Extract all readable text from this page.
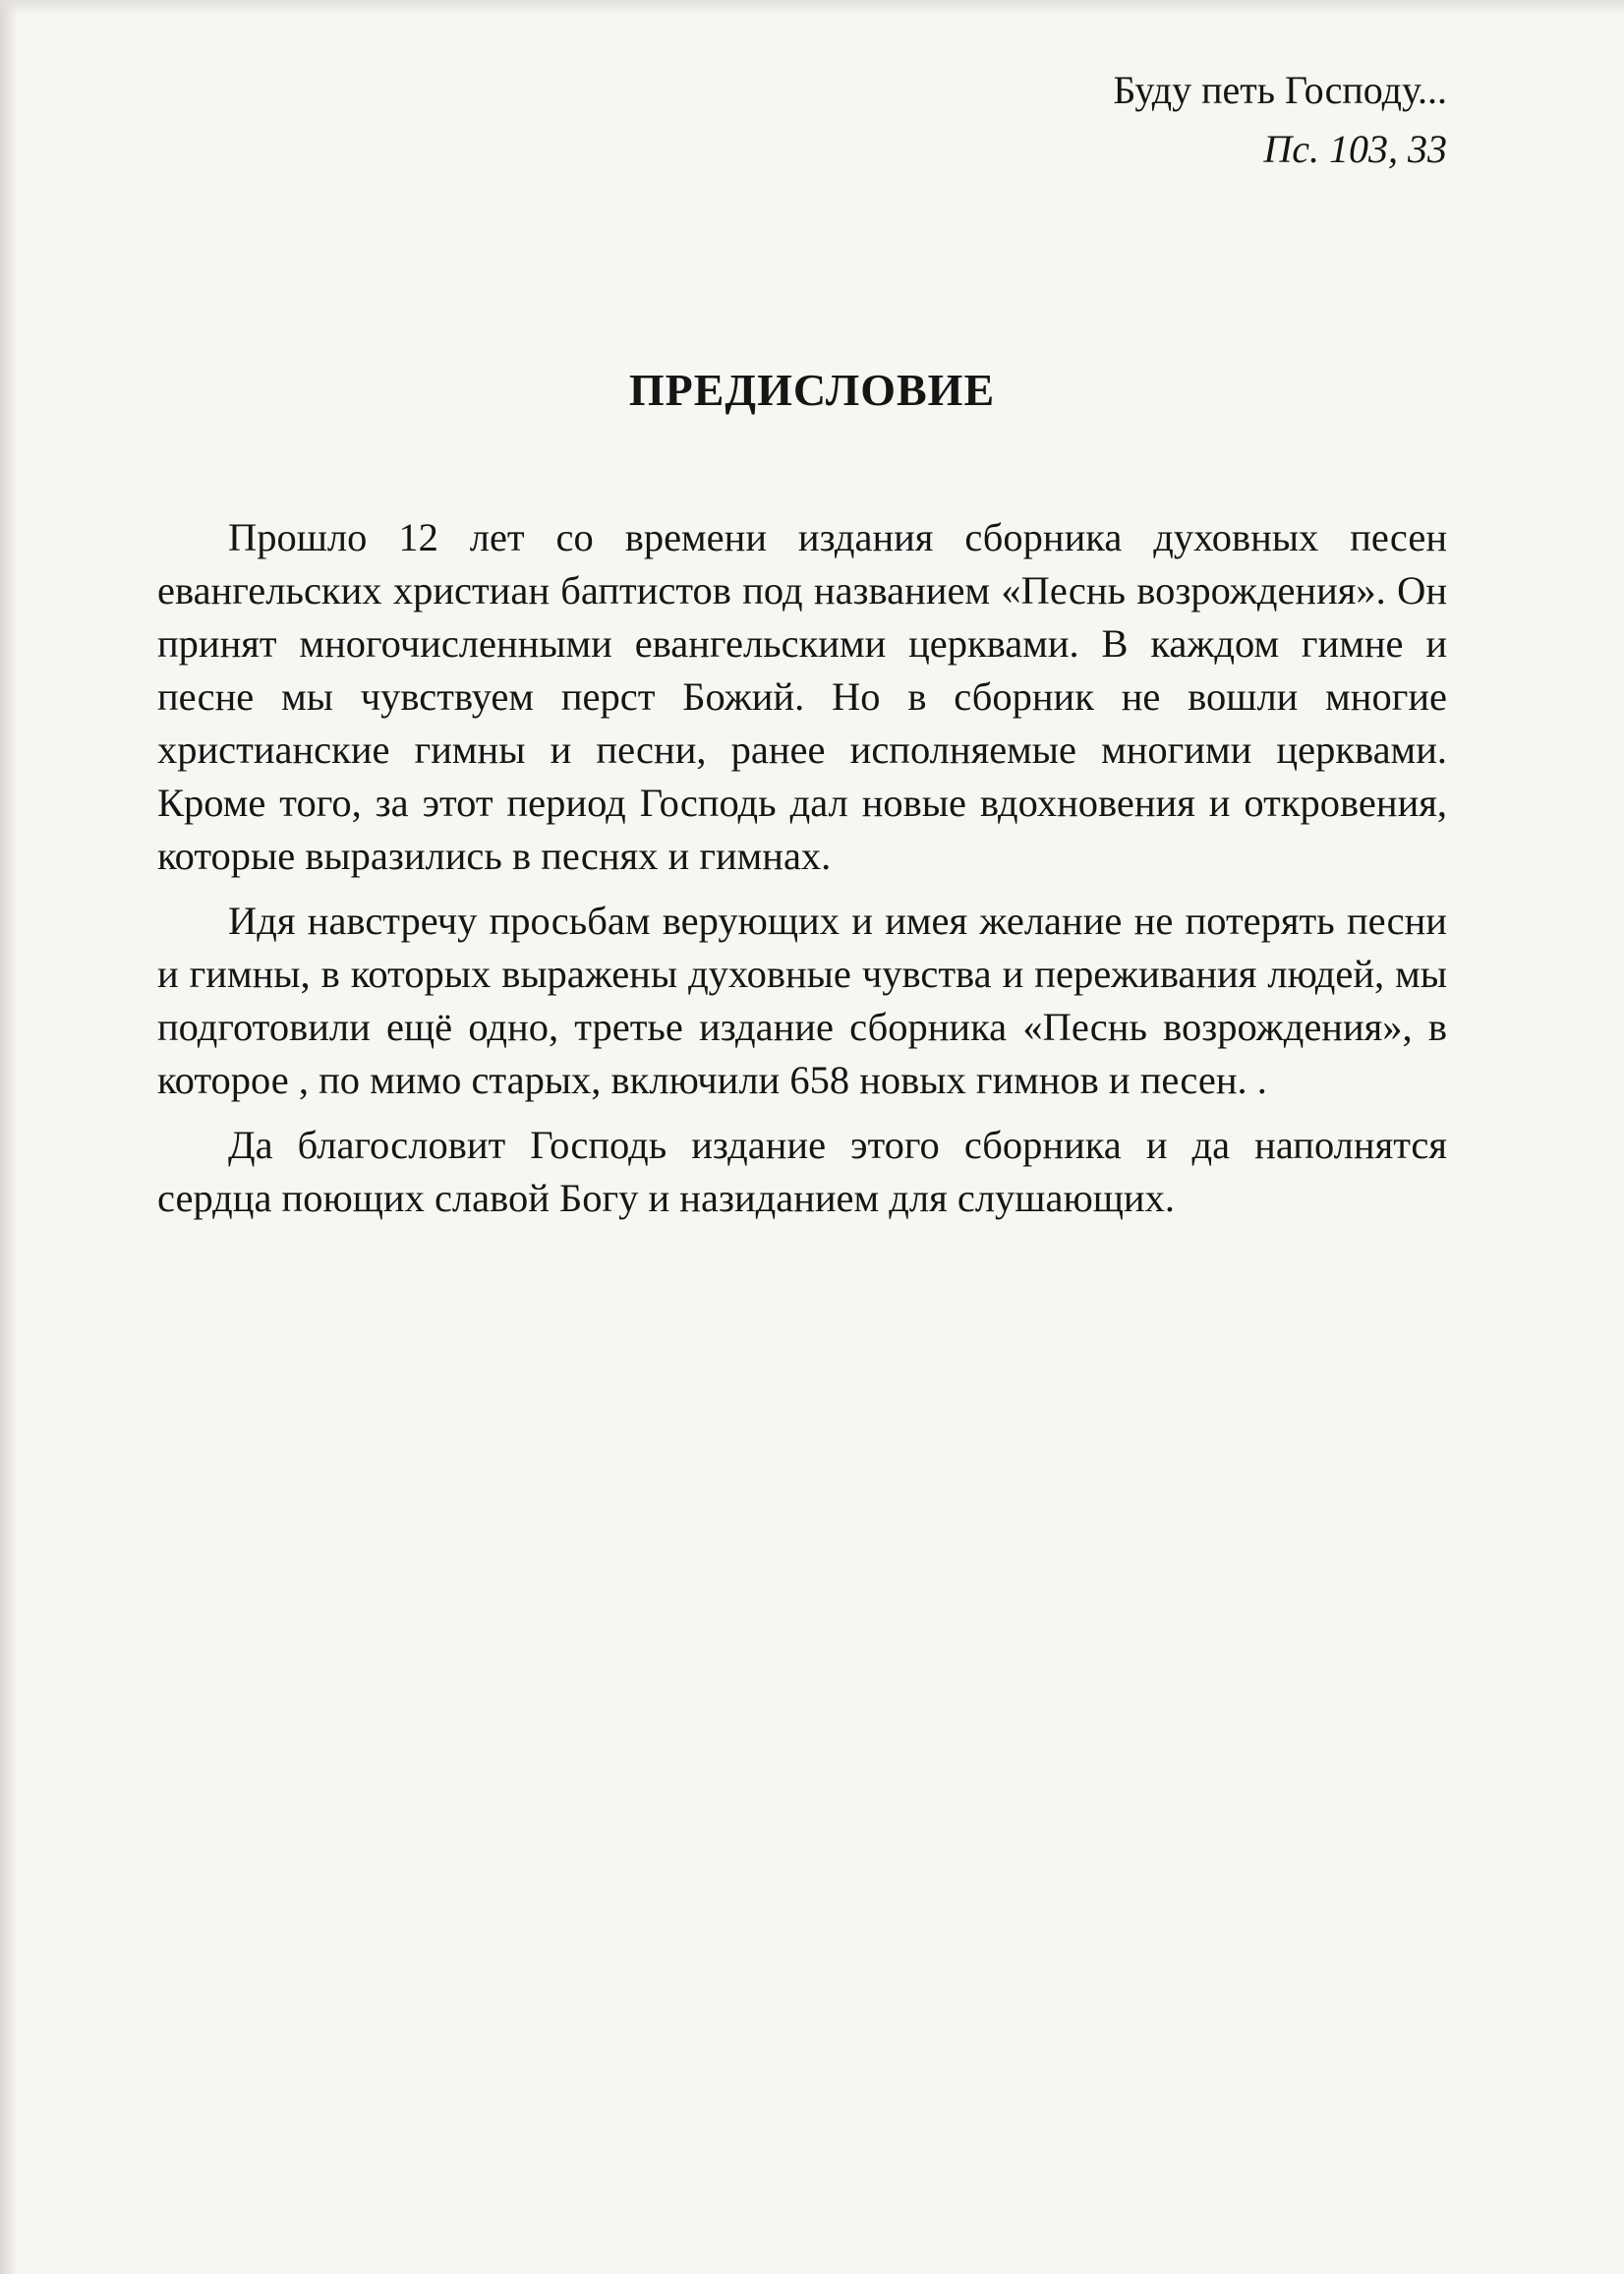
Буду петь Господу...
Пс. 103, 33
ПРЕДИСЛОВИЕ

Прошло 12 лет со времени издания сборника духовных песен евангельских христиан баптистов под названием «Песнь возрождения». Он принят многочисленными евангельскими церквами. В каждом гимне и песне мы чувствуем перст Божий. Но в сборник не вошли многие христианские гимны и песни, ранее исполняемые многими церквами. Кроме того, за этот период Господь дал новые вдохновения и откровения, которые выразились в песнях и гимнах.

Идя навстречу просьбам верующих и имея желание не потерять песни и гимны, в которых выражены духовные чувства и переживания людей, мы подготовили ещё одно, третье издание сборника «Песнь возрождения», в которое , по мимо старых, включили 658 новых гимнов и песен. .

Да благословит Господь издание этого сборника и да наполнятся сердца поющих славой Богу и назиданием для слушающих.
